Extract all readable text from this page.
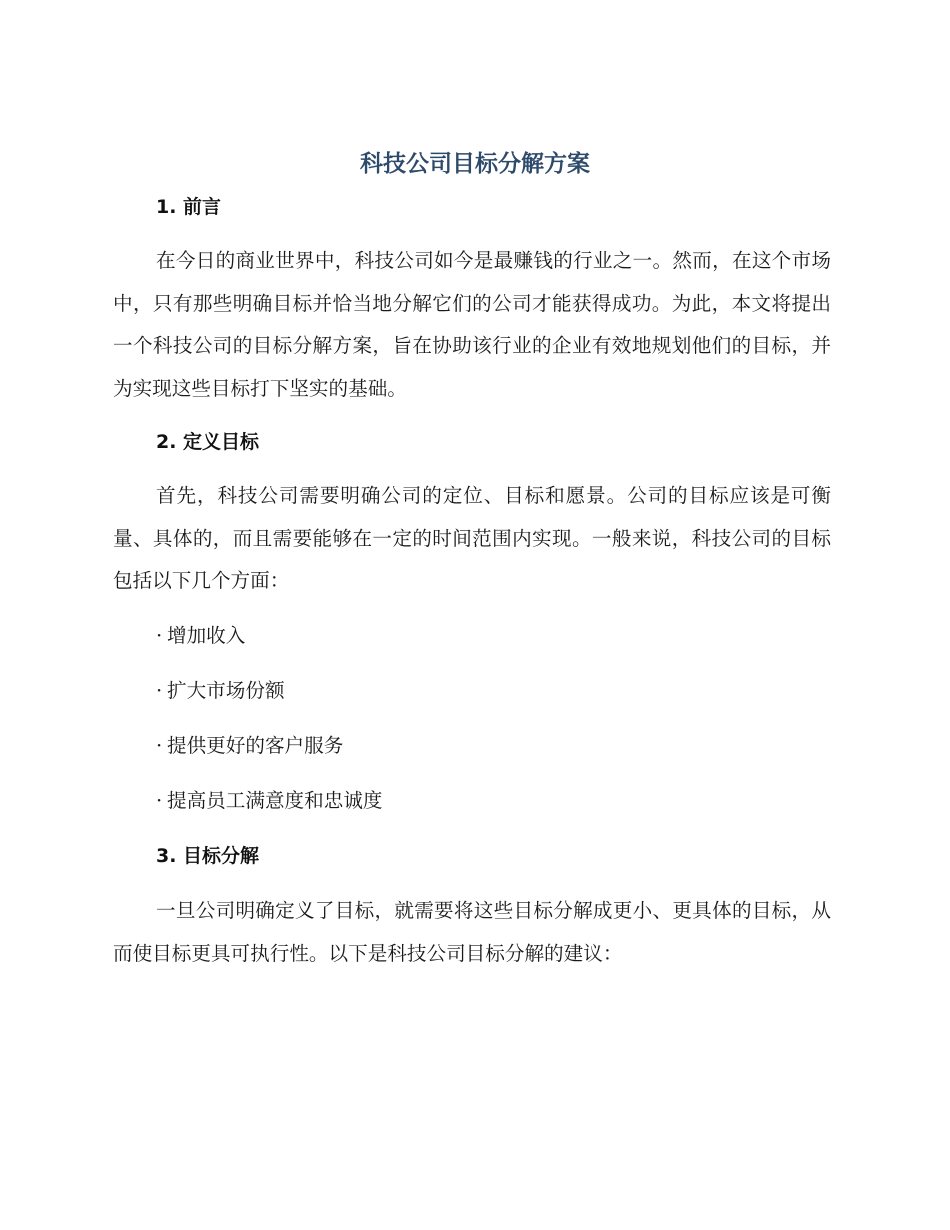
科技公司目标分解方案
1. 前言

在今日的商业世界中，科技公司如今是最赚钱的行业之一。然而，在这个市场中，只有那些明确目标并恰当地分解它们的公司才能获得成功。为此，本文将提出一个科技公司的目标分解方案，旨在协助该行业的企业有效地规划他们的目标，并为实现这些目标打下坚实的基础。

2. 定义目标

首先，科技公司需要明确公司的定位、目标和愿景。公司的目标应该是可衡量、具体的，而且需要能够在一定的时间范围内实现。一般来说，科技公司的目标包括以下几个方面：

· 增加收入
· 扩大市场份额
· 提供更好的客户服务
· 提高员工满意度和忠诚度
3. 目标分解

一旦公司明确定义了目标，就需要将这些目标分解成更小、更具体的目标，从而使目标更具可执行性。以下是科技公司目标分解的建议：
